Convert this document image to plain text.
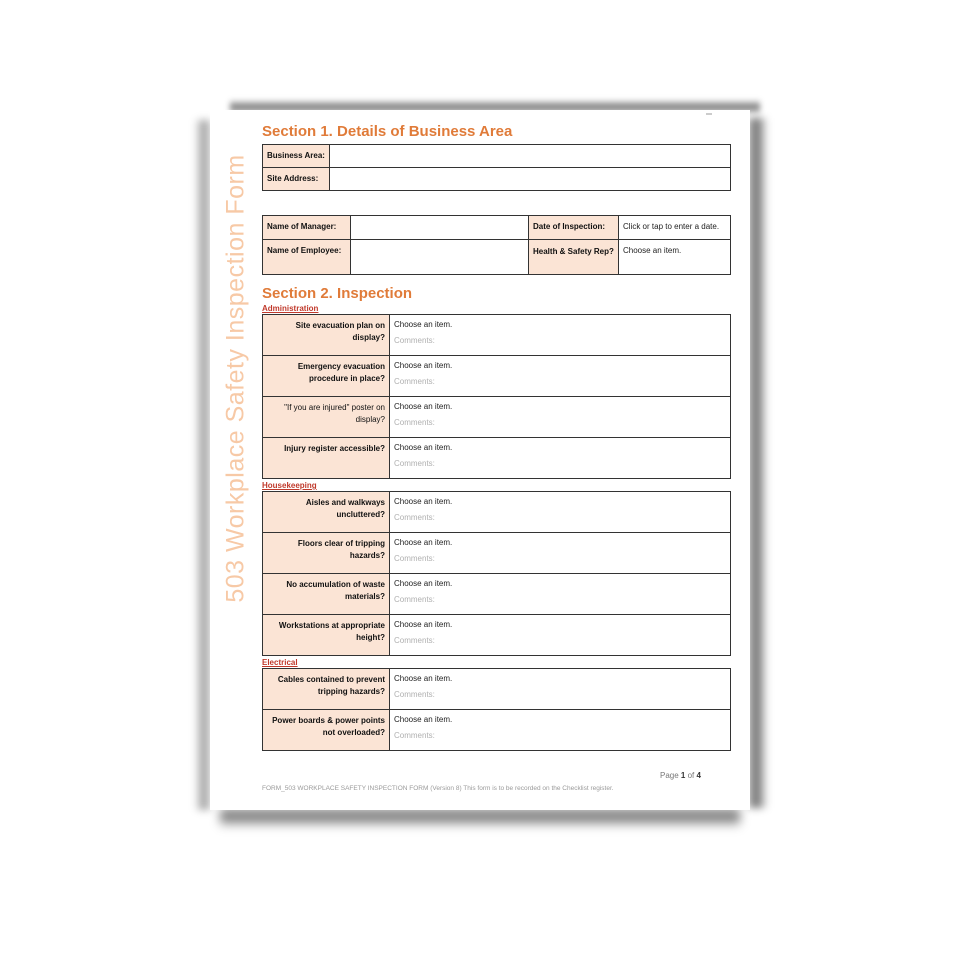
503 Workplace Safety Inspection Form
Section 1. Details of Business Area
Business Area:	
Site Address:	
Name of Manager:		Date of Inspection:	Click or tap to enter a date.
Name of Employee:		Health & Safety Rep?	Choose an item.
Section 2. Inspection
Administration
Site evacuation plan on display?	Choose an item.
Comments:

Emergency evacuation procedure in place?	Choose an item.
Comments:

"If you are injured" poster on display?	Choose an item.
Comments:

Injury register accessible?	Choose an item.
Comments:
Housekeeping
Aisles and walkways uncluttered?	Choose an item.
Comments:

Floors clear of tripping hazards?	Choose an item.
Comments:

No accumulation of waste materials?	Choose an item.
Comments:

Workstations at appropriate height?	Choose an item.
Comments:
Electrical
Cables contained to prevent tripping hazards?	Choose an item.
Comments:

Power boards & power points not overloaded?	Choose an item.
Comments:
Page 1 of 4
FORM_503 WORKPLACE SAFETY INSPECTION FORM (Version 8) This form is to be recorded on the Checklist register.
